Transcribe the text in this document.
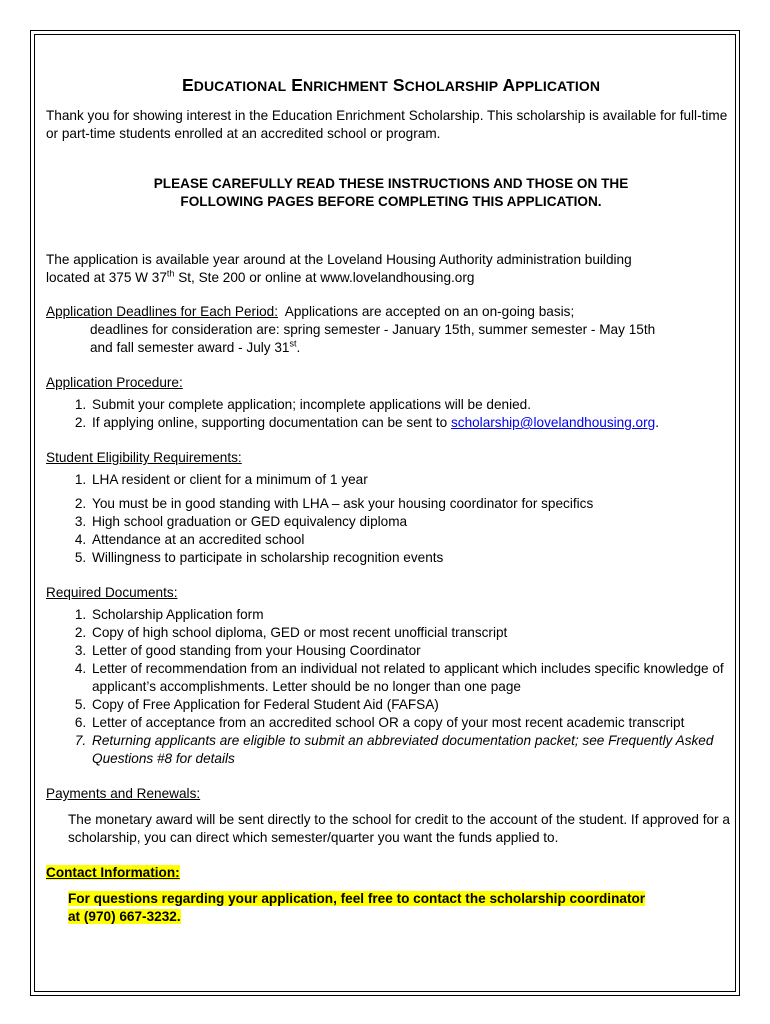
EDUCATIONAL ENRICHMENT SCHOLARSHIP APPLICATION

Thank you for showing interest in the Education Enrichment Scholarship. This scholarship is available for full-time or part-time students enrolled at an accredited school or program.

PLEASE CAREFULLY READ THESE INSTRUCTIONS AND THOSE ON THE

FOLLOWING PAGES BEFORE COMPLETING THIS APPLICATION.

The application is available year around at the Loveland Housing Authority administration building

located at 375 W 37th St, Ste 200 or online at www.lovelandhousing.org

Application Deadlines for Each Period:  Applications are accepted on an on-going basis;

deadlines for consideration are: spring semester - January 15th, summer semester - May 15th

and fall semester award - July 31st.

Application Procedure:

1. Submit your complete application; incomplete applications will be denied.
2. If applying online, supporting documentation can be sent to scholarship@lovelandhousing.org.

Student Eligibility Requirements:

1. LHA resident or client for a minimum of 1 year
2. You must be in good standing with LHA – ask your housing coordinator for specifics
3. High school graduation or GED equivalency diploma
4. Attendance at an accredited school
5. Willingness to participate in scholarship recognition events

Required Documents:

1. Scholarship Application form
2. Copy of high school diploma, GED or most recent unofficial transcript
3. Letter of good standing from your Housing Coordinator
4. Letter of recommendation from an individual not related to applicant which includes specific knowledge of applicant’s accomplishments. Letter should be no longer than one page
5. Copy of Free Application for Federal Student Aid (FAFSA)
6. Letter of acceptance from an accredited school OR a copy of your most recent academic transcript
7. Returning applicants are eligible to submit an abbreviated documentation packet; see Frequently Asked Questions #8 for details

Payments and Renewals:

The monetary award will be sent directly to the school for credit to the account of the student. If approved for a scholarship, you can direct which semester/quarter you want the funds applied to.

Contact Information:

For questions regarding your application, feel free to contact the scholarship coordinator
at (970) 667-3232.
